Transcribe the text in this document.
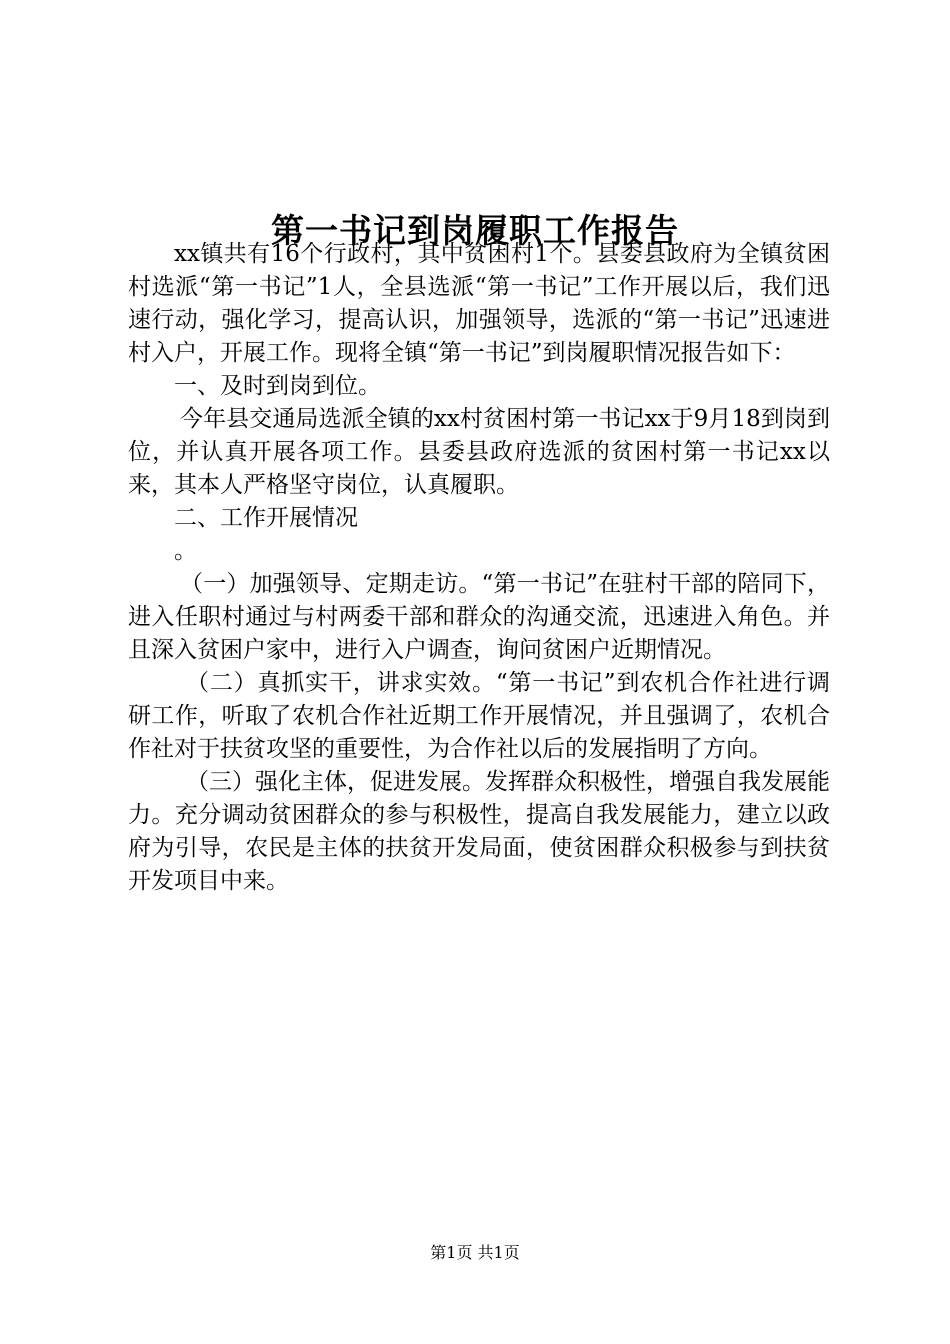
第一书记到岗履职工作报告

xx镇共有16个行政村，其中贫困村1个。县委县政府为全镇贫困村选派“第一书记”1人，全县选派“第一书记”工作开展以后，我们迅速行动，强化学习，提高认识，加强领导，选派的“第一书记”迅速进村入户，开展工作。现将全镇“第一书记”到岗履职情况报告如下：

一、及时到岗到位。

今年县交通局选派全镇的xx村贫困村第一书记xx于9月18到岗到位，并认真开展各项工作。县委县政府选派的贫困村第一书记xx以来，其本人严格坚守岗位，认真履职。

二、工作开展情况

。

（一）加强领导、定期走访。“第一书记”在驻村干部的陪同下，进入任职村通过与村两委干部和群众的沟通交流，迅速进入角色。并且深入贫困户家中，进行入户调查，询问贫困户近期情况。

（二）真抓实干，讲求实效。“第一书记”到农机合作社进行调研工作，听取了农机合作社近期工作开展情况，并且强调了，农机合作社对于扶贫攻坚的重要性，为合作社以后的发展指明了方向。

（三）强化主体，促进发展。发挥群众积极性，增强自我发展能力。充分调动贫困群众的参与积极性，提高自我发展能力，建立以政府为引导，农民是主体的扶贫开发局面，使贫困群众积极参与到扶贫开发项目中来。

第1页 共1页
